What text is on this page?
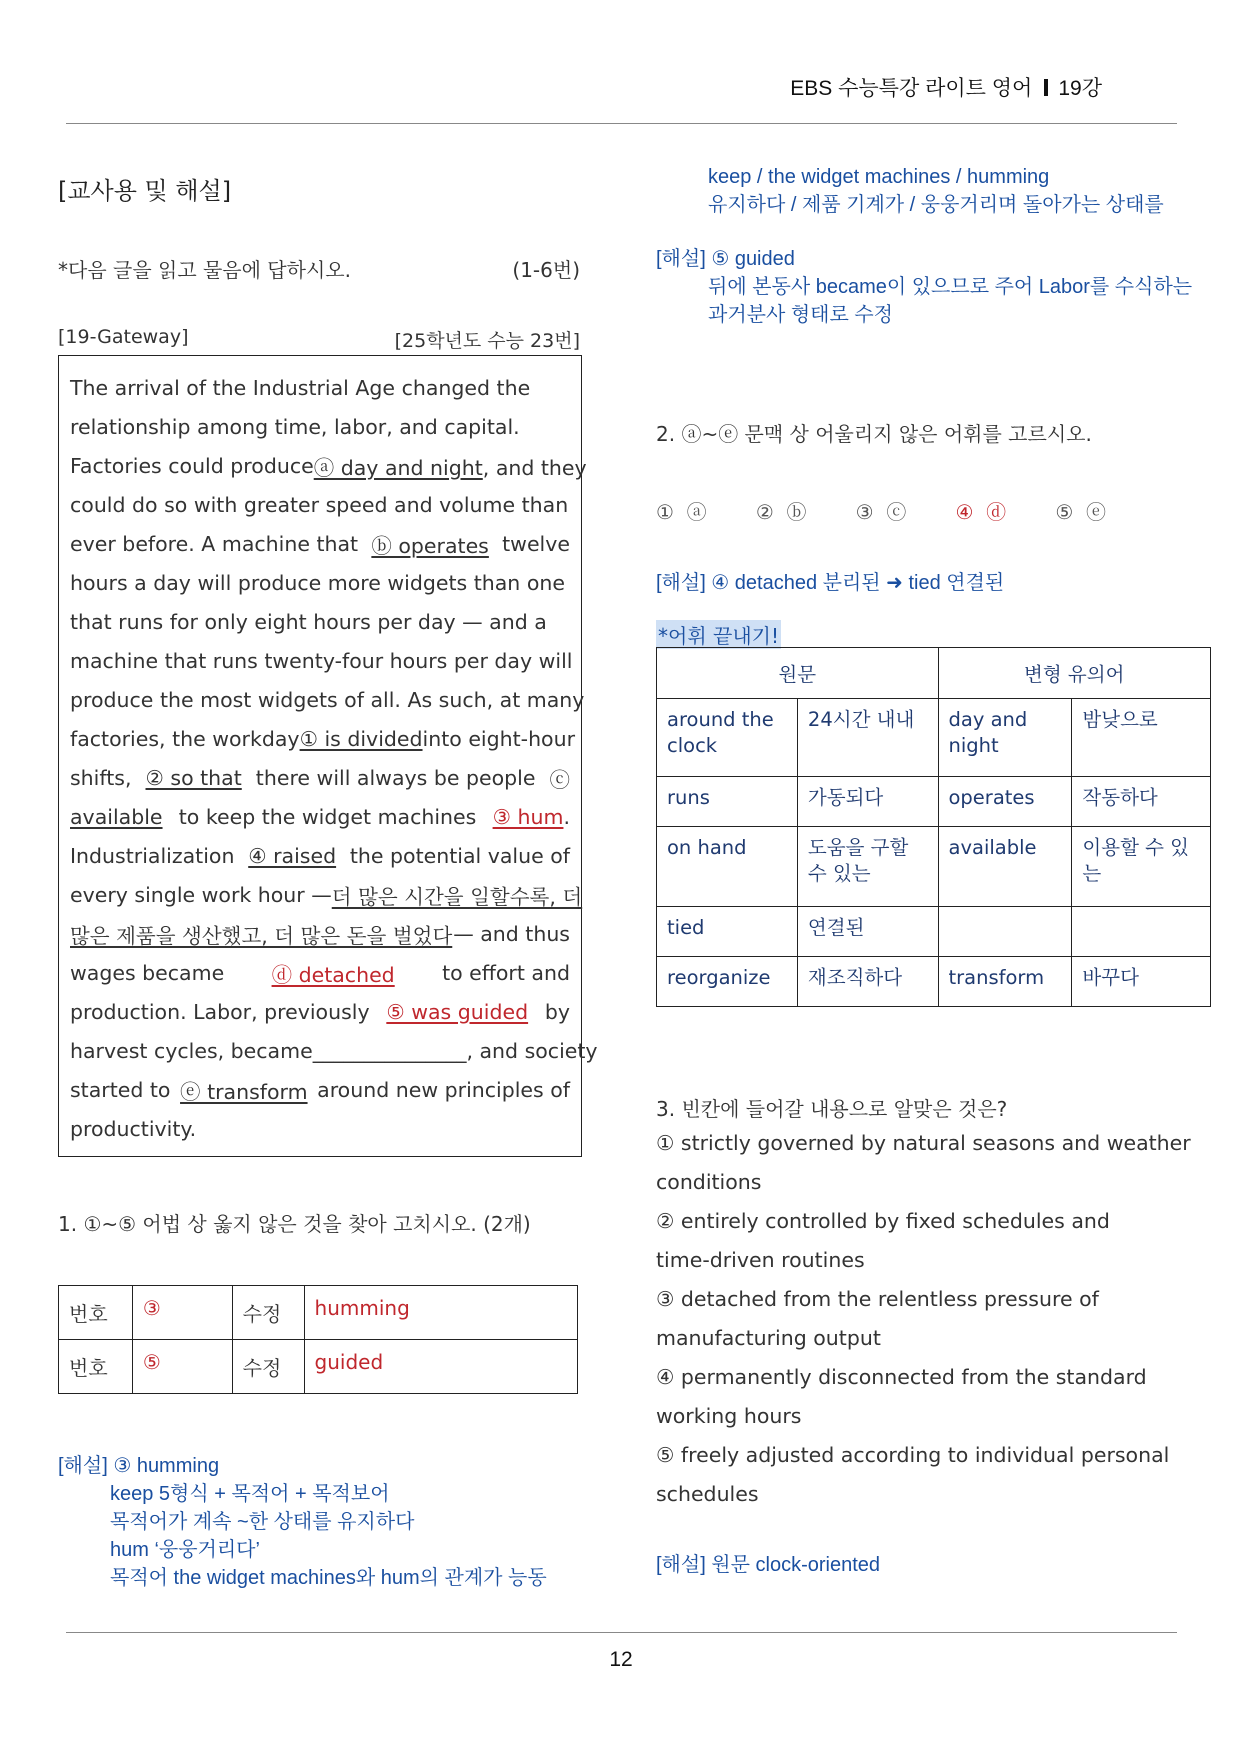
EBS 수능특강 라이트 영어 19강
[교사용 및 해설]
*다음 글을 읽고 물음에 답하시오.	(1-6번)
[19-Gateway]	[25학년도 수능 23번]
The arrival of the Industrial Age changed the
relationship among time, labor, and capital.
Factories could produce ⓐ day and night, and they
could do so with greater speed and volume than
ever before. A machine that ⓑ operates twelve
hours a day will produce more widgets than one
that runs for only eight hours per day — and a
machine that runs twenty-four hours per day will
produce the most widgets of all. As such, at many
factories, the workday ① is divided into eight-hour
shifts, ② so that there will always be people ⓒ
available to keep the widget machines ③ hum.
Industrialization ④ raised the potential value of
every single work hour — 더 많은 시간을 일할수록, 더
많은 제품을 생산했고, 더 많은 돈을 벌었다 — and thus
wages became ⓓ detached to effort and
production. Labor, previously ⑤ was guided by
harvest cycles, became _______________, and society
started to ⓔ transform around new principles of
productivity.
1. ①~⑤ 어법 상 옳지 않은 것을 찾아 고치시오. (2개)
번호	③	수정	humming
번호	⑤	수정	guided
[해설] ③ humming
keep 5형식 + 목적어 + 목적보어
목적어가 계속 ~한 상태를 유지하다
hum ‘웅웅거리다’
목적어 the widget machines와 hum의 관계가 능동
keep / the widget machines / humming
유지하다 / 제품 기계가 / 웅웅거리며 돌아가는 상태를
[해설] ⑤ guided
뒤에 본동사 became이 있으므로 주어 Labor를 수식하는
과거분사 형태로 수정
2. ⓐ~ⓔ 문맥 상 어울리지 않은 어휘를 고르시오.
① ⓐ ② ⓑ ③ ⓒ ④ ⓓ ⑤ ⓔ
[해설] ④ detached 분리된 ➜ tied 연결된
*어휘 끝내기!
원문		변형 유의어	
around the clock	24시간 내내	day and night	밤낮으로
runs	가동되다	operates	작동하다
on hand	도움을 구할 수 있는	available	이용할 수 있는
tied	연결된		
reorganize	재조직하다	transform	바꾸다
3. 빈칸에 들어갈 내용으로 알맞은 것은?
① strictly governed by natural seasons and weather
conditions
② entirely controlled by fixed schedules and
time-driven routines
③ detached from the relentless pressure of
manufacturing output
④ permanently disconnected from the standard
working hours
⑤ freely adjusted according to individual personal
schedules
[해설] 원문 clock-oriented
12
